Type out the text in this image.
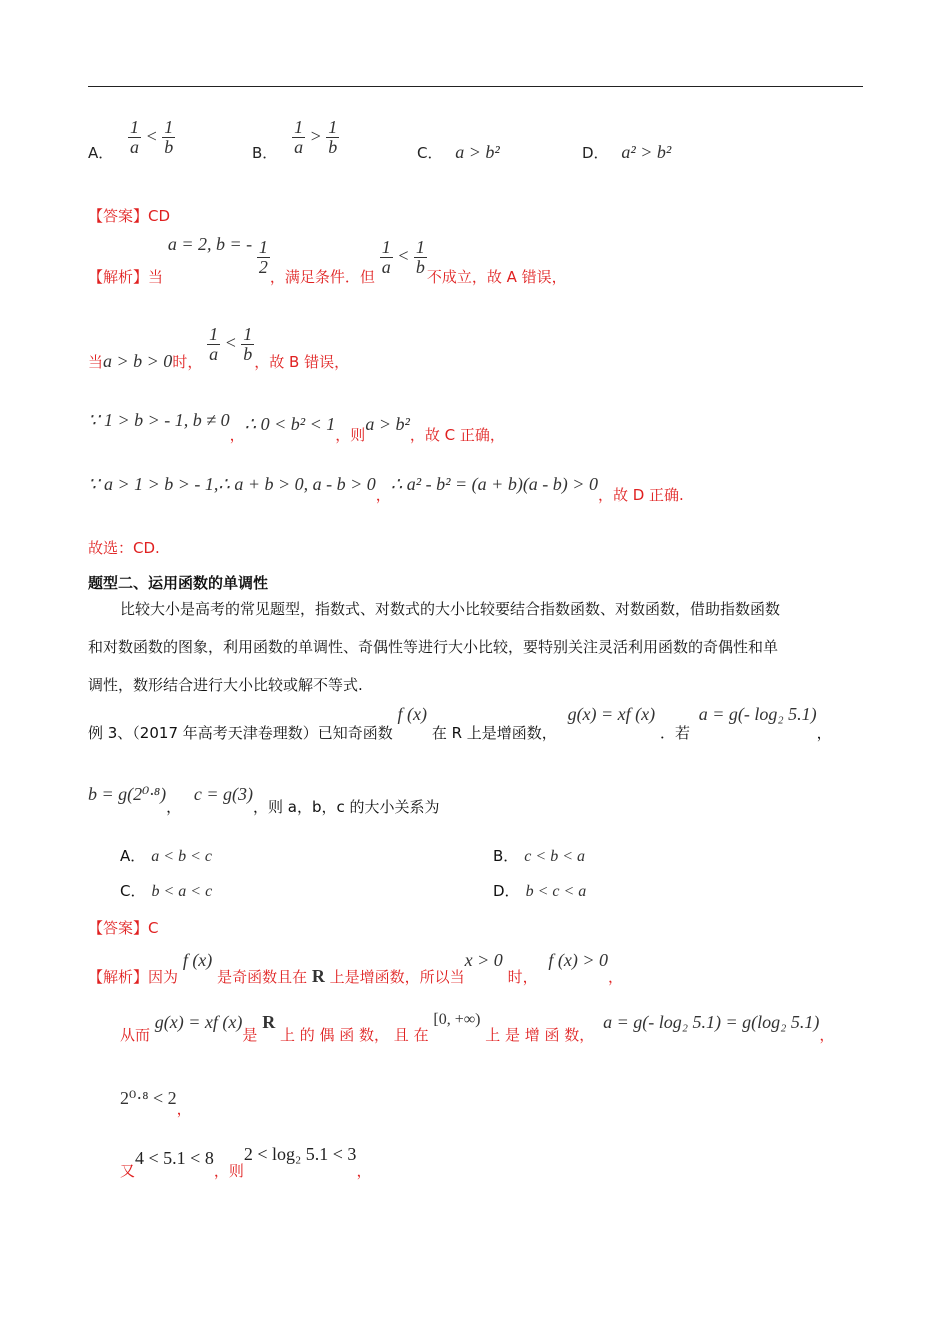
A． $\frac{1}{a} < \frac{1}{b}$	B． $\frac{1}{a} > \frac{1}{b}$	C． a > b²	D． a² > b²
【答案】CD
【解析】当 a = 2, b = - $\frac{1}{2}$
，满足条件．但
$\frac{1}{a} < \frac{1}{b}$
不成立，故 A 错误，
当a > b > 0时， $\frac{1}{a} < \frac{1}{b}$ ，故 B 错误，
∵ 1 > b > - 1, b ≠ 0，∴ 0 < b² < 1，则a > b²，故 C 正确，
∵ a > 1 > b > - 1,∴ a + b > 0, a - b > 0，∴ a² - b² = (a + b)(a - b) > 0，故 D 正确.
故选：CD.
题型二、运用函数的单调性
比较大小是高考的常见题型，指数式、对数式的大小比较要结合指数函数、对数函数，借助指数函数
和对数函数的图象，利用函数的单调性、奇偶性等进行大小比较，要特别关注灵活利用函数的奇偶性和单
调性，数形结合进行大小比较或解不等式.
例 3、（2017 年高考天津卷理数）已知奇函数 f (x) 在 R 上是增函数， g(x) = xf (x) ．若 a = g(- log₂ 5.1)，
b = g(2⁰·⁸)， c = g(3)，则 a，b，c 的大小关系为
A． a < b < c	B． c < b < a
C． b < a < c	D． b < c < a
【答案】C
【解析】因为 f (x) 是奇函数且在 R 上是增函数，所以当x > 0 时， f (x) > 0，
从而 g(x) = xf (x)是 R 上 的 偶 函 数， 且 在 [0, +∞) 上 是 增 函 数， a = g(- log₂ 5.1) = g(log₂ 5.1)，
2⁰·⁸ < 2，
又4 < 5.1 < 8，则2 < log₂ 5.1 < 3，
